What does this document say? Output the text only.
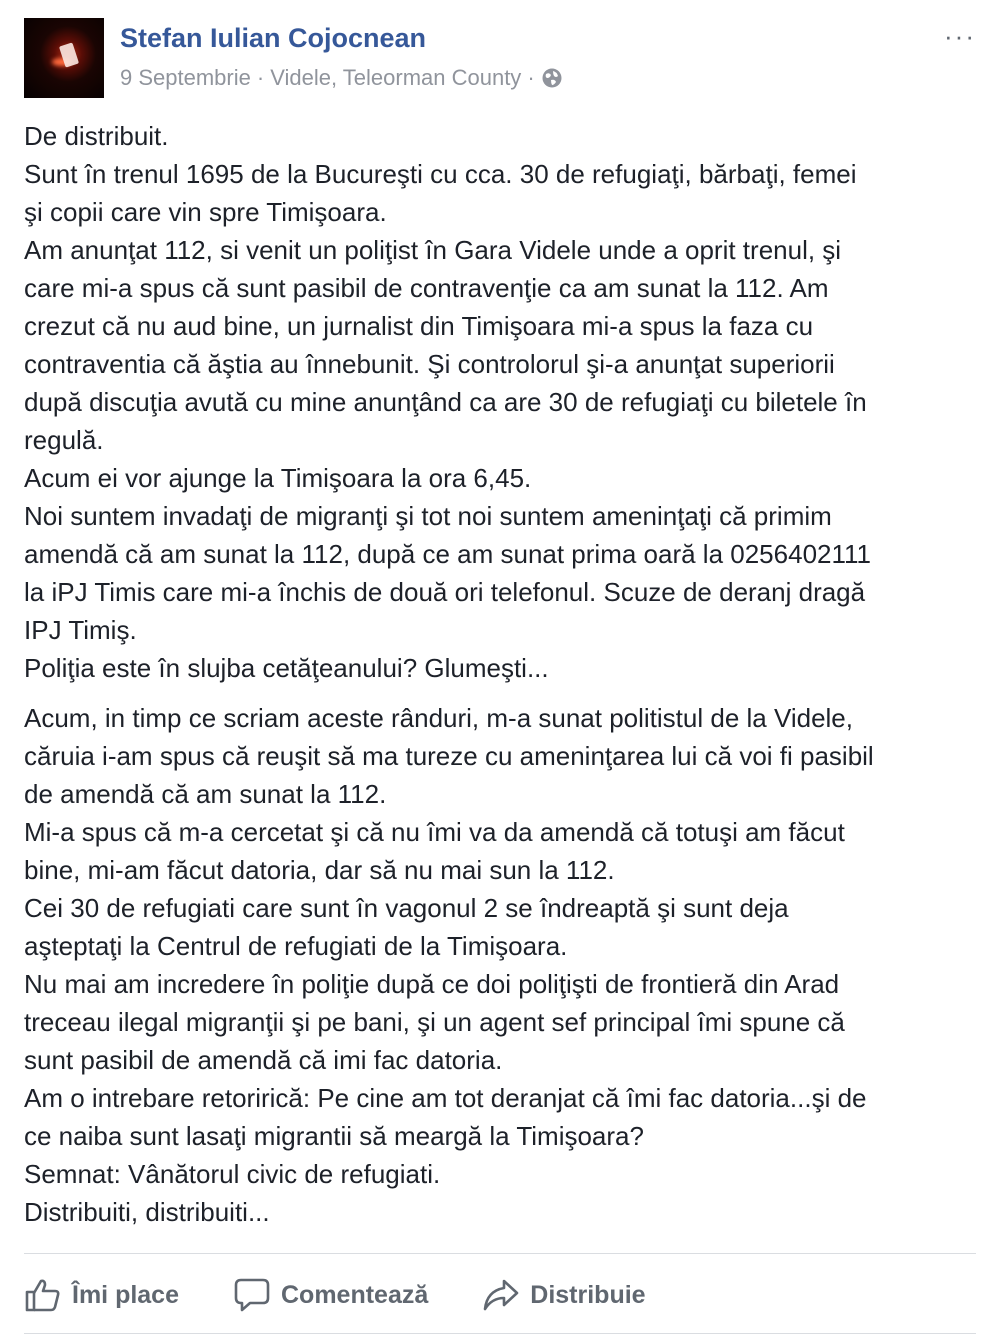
Stefan Iulian Cojocnean
9 Septembrie · Videle, Teleorman County ·
···

De distribuit.

Sunt în trenul 1695 de la Bucureşti cu cca. 30 de refugiaţi, bărbaţi, femei
şi copii care vin spre Timişoara.

Am anunţat 112, si venit un poliţist în Gara Videle unde a oprit trenul, şi
care mi-a spus că sunt pasibil de contravenţie ca am sunat la 112. Am
crezut că nu aud bine, un jurnalist din Timişoara mi-a spus la faza cu
contraventia că ăştia au înnebunit. Şi controlorul şi-a anunţat superiorii
după discuţia avută cu mine anunţând ca are 30 de refugiaţi cu biletele în
regulă.

Acum ei vor ajunge la Timişoara la ora 6,45.

Noi suntem invadaţi de migranţi şi tot noi suntem ameninţaţi că primim
amendă că am sunat la 112, după ce am sunat prima oară la 0256402111
la iPJ Timis care mi-a închis de două ori telefonul. Scuze de deranj dragă
IPJ Timiş.

Poliţia este în slujba cetăţeanului? Glumeşti...

Acum, in timp ce scriam aceste rânduri, m-a sunat politistul de la Videle,
căruia i-am spus că reuşit să ma tureze cu ameninţarea lui că voi fi pasibil
de amendă că am sunat la 112.

Mi-a spus că m-a cercetat şi că nu îmi va da amendă că totuşi am făcut
bine, mi-am făcut datoria, dar să nu mai sun la 112.

Cei 30 de refugiati care sunt în vagonul 2 se îndreaptă şi sunt deja
aşteptaţi la Centrul de refugiati de la Timişoara.

Nu mai am incredere în poliţie după ce doi poliţişti de frontieră din Arad
treceau ilegal migranţii şi pe bani, şi un agent sef principal îmi spune că
sunt pasibil de amendă că imi fac datoria.

Am o intrebare retorirică: Pe cine am tot deranjat că îmi fac datoria...şi de
ce naiba sunt lasaţi migrantii să meargă la Timişoara?

Semnat: Vânătorul civic de refugiati.

Distribuiti, distribuiti...

Îmi place	Comentează	Distribuie
